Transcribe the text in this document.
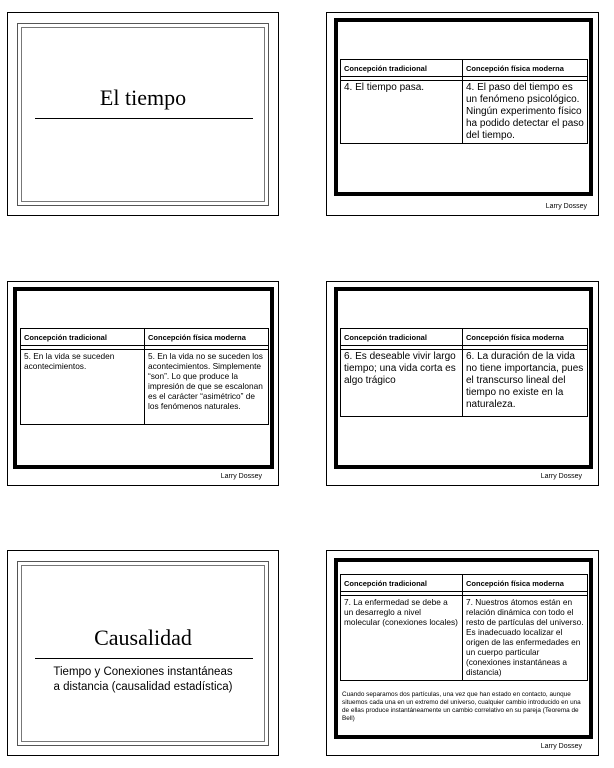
El tiempo
Concepción tradicional	Concepción física moderna

4. El tiempo pasa.	4. El paso del tiempo es un fenómeno psicológico. Ningún experimento físico ha podido detectar el paso del tiempo.
Larry Dossey
Concepción tradicional	Concepción física moderna

5. En la vida se suceden acontecimientos.	5. En la vida no se suceden los acontecimientos. Simplemente “son”. Lo que produce la impresión de que se escalonan es el carácter “asimétrico” de los fenómenos naturales.
Larry Dossey
Concepción tradicional	Concepción física moderna

6. Es deseable vivir largo tiempo; una vida corta es algo trágico	6. La duración de la vida no tiene importancia, pues el transcurso lineal del tiempo no existe en la naturaleza.
Larry Dossey
Causalidad
Tiempo y Conexiones instantáneas
a distancia (causalidad estadística)
Concepción tradicional	Concepción física moderna

7. La enfermedad se debe a un desarreglo a nivel molecular (conexiones locales)	7. Nuestros átomos están en relación dinámica con todo el resto de partículas del universo. Es inadecuado localizar el origen de las enfermedades en un cuerpo particular (conexiones instantáneas a distancia)
Cuando separamos dos partículas, una vez que han estado en contacto, aunque situemos cada una en un extremo del universo, cualquier cambio introducido en una de ellas produce instantáneamente un cambio correlativo en su pareja (Teorema de Bell)
Larry Dossey
